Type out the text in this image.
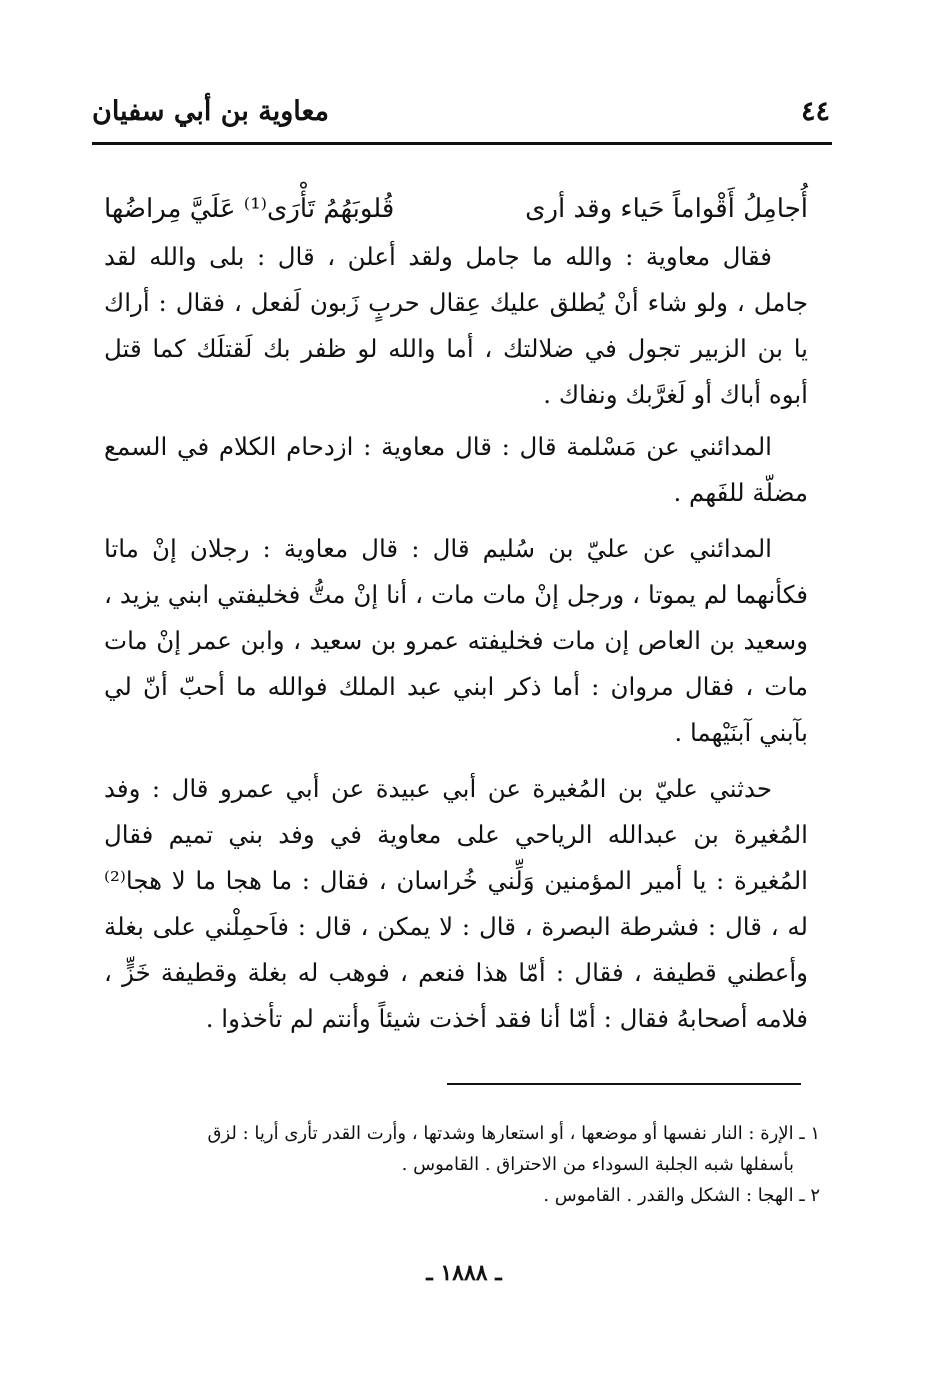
٤٤
معاوية بن أبي سفيان
أُجامِلُ أَقْواماً حَياء وقد أرى
قُلوبَهُمُ تَأْرَى⁽¹⁾ عَلَيَّ مِراضُها

فقال معاوية : والله ما جامل ولقد أعلن ، قال : بلى والله لقد جامل ، ولو شاء أنْ يُطلق عليك عِقال حربٍ زَبون لَفعل ، فقال : أراك يا بن الزبير تجول في ضلالتك ، أما والله لو ظفر بك لَقتلَك كما قتل أبوه أباك أو لَغرَّبك ونفاك .

المدائني عن مَسْلمة قال : قال معاوية : ازدحام الكلام في السمع مضلّة للفَهم .

المدائني عن عليّ بن سُليم قال : قال معاوية : رجلان إنْ ماتا فكأنهما لم يموتا ، ورجل إنْ مات مات ، أنا إنْ متُّ فخليفتي ابني يزيد ، وسعيد بن العاص إن مات فخليفته عمرو بن سعيد ، وابن عمر إنْ مات مات ، فقال مروان : أما ذكر ابني عبد الملك فوالله ما أحبّ أنّ لي بآبني آبنَيْهما .

حدثني عليّ بن المُغيرة عن أبي عبيدة عن أبي عمرو قال : وفد المُغيرة بن عبدالله الرياحي على معاوية في وفد بني تميم فقال المُغيرة : يا أمير المؤمنين وَلِّني خُراسان ، فقال : ما هجا ما لا هجا⁽²⁾ له ، قال : فشرطة البصرة ، قال : لا يمكن ، قال : فاَحمِلْني على بغلة وأعطني قطيفة ، فقال : أمّا هذا فنعم ، فوهب له بغلة وقطيفة خَزٍّ ، فلامه أصحابهُ فقال : أمّا أنا فقد أخذت شيئاً وأنتم لم تأخذوا .

١ ـ الإرة : النار نفسها أو موضعها ، أو استعارها وشدتها ، وأرت القدر تأرى أريا : لزق

بأسفلها شبه الجلبة السوداء من الاحتراق . القاموس .

٢ ـ الهجا : الشكل والقدر . القاموس .

ـ ١٨٨٨ ـ
